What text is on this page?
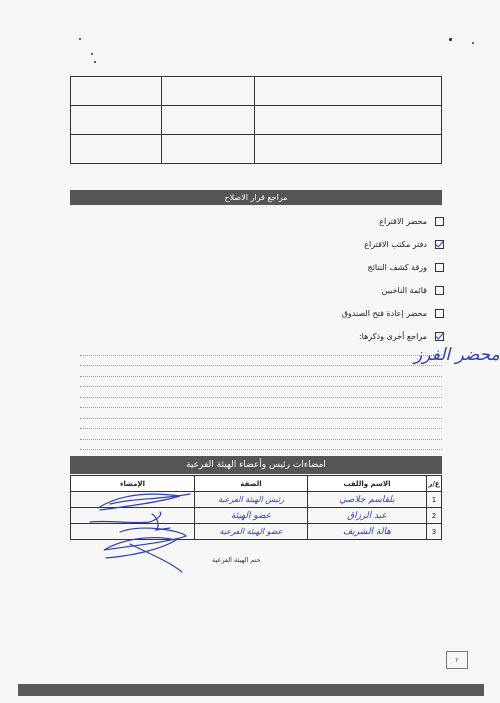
مراجع قرار الاصلاح
محضر الاقتراع
دفتر مكتب الاقتراع
ورقة كشف النتائج
قائمة الناخبين
محضر إعادة فتح الصندوق
مراجع أخرى وذكرها:
محضر الفرز
امضاءات رئيس وأعضاء الهيئة الفرعية
ع/ر	الاسم واللقب	الصفة	الإمضاء
1	بلقاسم جلاصي	رئيس الهيئة الفرعية	
2	عبد الرزاق	عضو الهيئة	
3	هالة الشريف	عضو الهيئة الفرعية	
ختم الهيئة الفرعية
٢
